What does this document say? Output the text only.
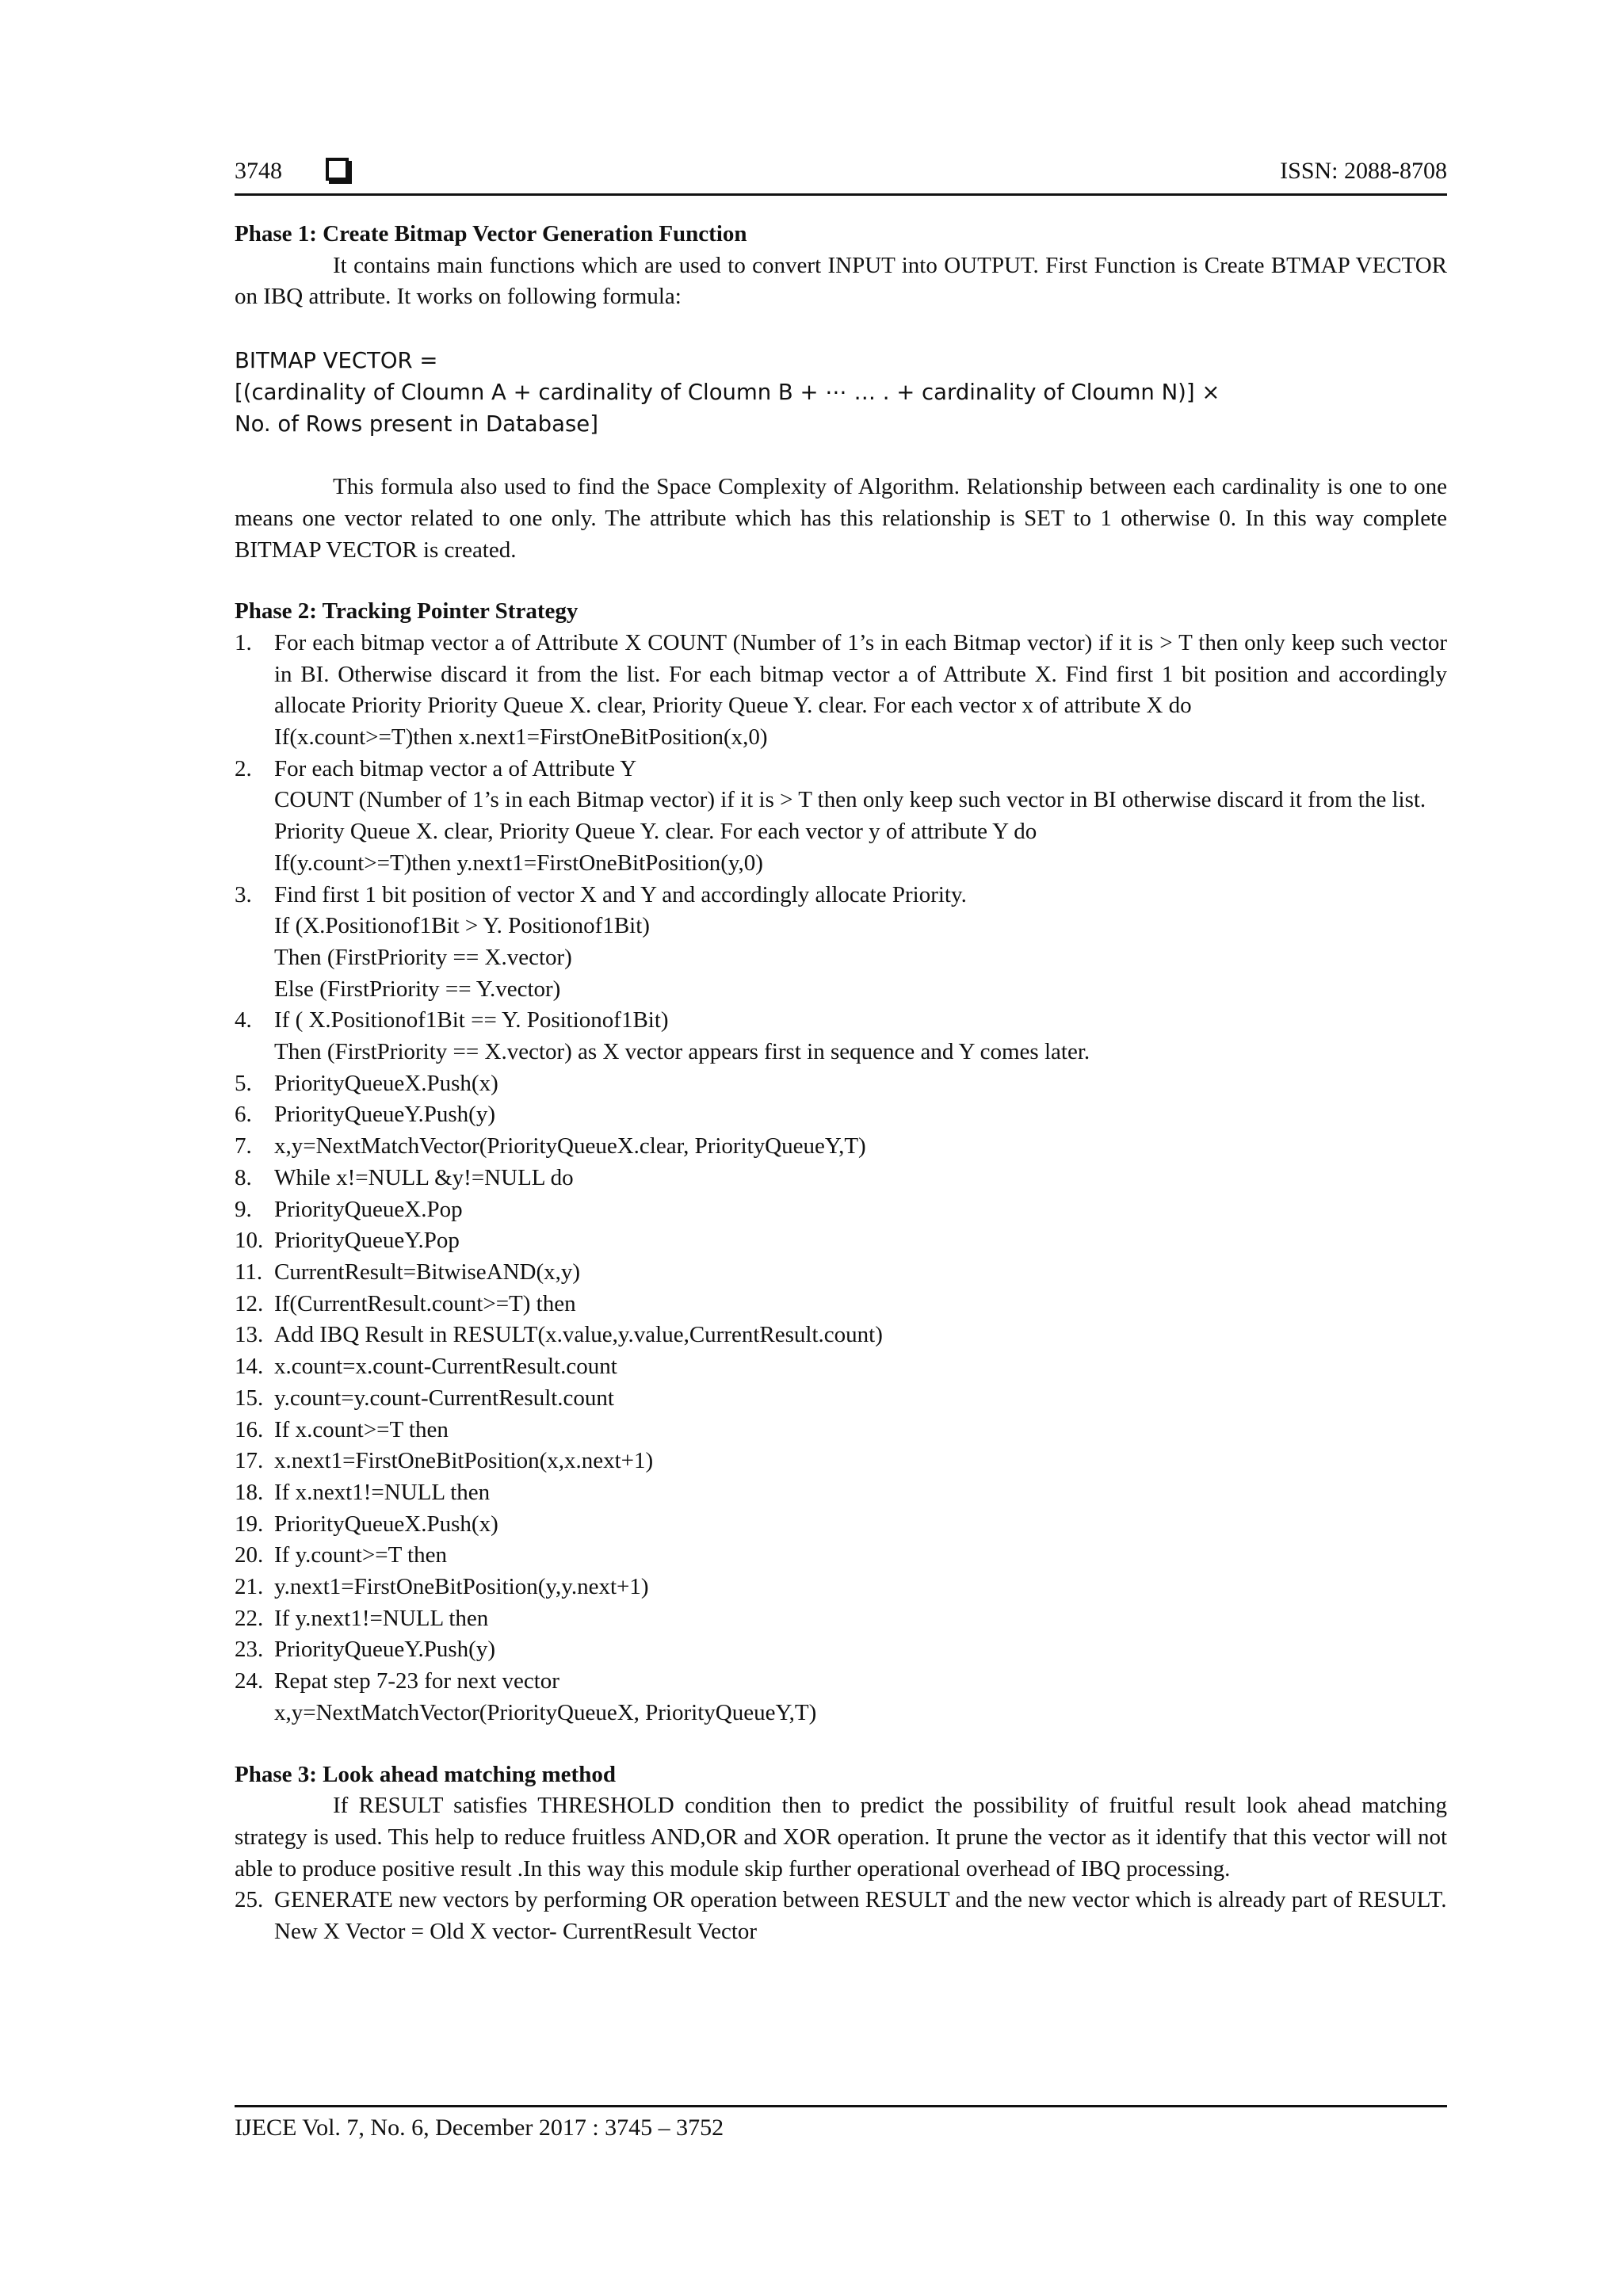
3748	ISSN: 2088-8708

Phase 1: Create Bitmap Vector Generation Function

It contains main functions which are used to convert INPUT into OUTPUT. First Function is Create BTMAP VECTOR on IBQ attribute. It works on following formula:

BITMAP VECTOR =

[(cardinality of Cloumn A + cardinality of Cloumn B + ⋯ … . + cardinality of Cloumn N)] ×

No. of Rows present in Database]

This formula also used to find the Space Complexity of Algorithm. Relationship between each cardinality is one to one means one vector related to one only. The attribute which has this relationship is SET to 1 otherwise 0. In this way complete BITMAP VECTOR is created.

Phase 2: Tracking Pointer Strategy

1. For each bitmap vector a of Attribute X COUNT (Number of 1’s in each Bitmap vector) if it is > T then only keep such vector in BI. Otherwise discard it from the list. For each bitmap vector a of Attribute X. Find first 1 bit position and accordingly allocate Priority Priority Queue X. clear, Priority Queue Y. clear. For each vector x of attribute X do
If(x.count>=T)then x.next1=FirstOneBitPosition(x,0)
2. For each bitmap vector a of Attribute Y
COUNT (Number of 1’s in each Bitmap vector) if it is > T then only keep such vector in BI otherwise discard it from the list.
Priority Queue X. clear, Priority Queue Y. clear. For each vector y of attribute Y do
If(y.count>=T)then y.next1=FirstOneBitPosition(y,0)
3. Find first 1 bit position of vector X and Y and accordingly allocate Priority.
If (X.Positionof1Bit > Y. Positionof1Bit)
Then (FirstPriority == X.vector)
Else (FirstPriority == Y.vector)
4. If ( X.Positionof1Bit == Y. Positionof1Bit)
Then (FirstPriority == X.vector) as X vector appears first in sequence and Y comes later.
5. PriorityQueueX.Push(x)
6. PriorityQueueY.Push(y)
7. x,y=NextMatchVector(PriorityQueueX.clear, PriorityQueueY,T)
8. While x!=NULL &y!=NULL do
9. PriorityQueueX.Pop
10. PriorityQueueY.Pop
11. CurrentResult=BitwiseAND(x,y)
12. If(CurrentResult.count>=T) then
13. Add IBQ Result in RESULT(x.value,y.value,CurrentResult.count)
14. x.count=x.count-CurrentResult.count
15. y.count=y.count-CurrentResult.count
16. If x.count>=T then
17. x.next1=FirstOneBitPosition(x,x.next+1)
18. If x.next1!=NULL then
19. PriorityQueueX.Push(x)
20. If y.count>=T then
21. y.next1=FirstOneBitPosition(y,y.next+1)
22. If y.next1!=NULL then
23. PriorityQueueY.Push(y)
24. Repat step 7-23 for next vector
x,y=NextMatchVector(PriorityQueueX, PriorityQueueY,T)

Phase 3: Look ahead matching method

If RESULT satisfies THRESHOLD condition then to predict the possibility of fruitful result look ahead matching strategy is used. This help to reduce fruitless AND,OR and XOR operation. It prune the vector as it identify that this vector will not able to produce positive result .In this way this module skip further operational overhead of IBQ processing.

25. GENERATE new vectors by performing OR operation between RESULT and the new vector which is already part of RESULT.

New X Vector = Old X vector- CurrentResult Vector

IJECE Vol. 7, No. 6, December 2017 : 3745 – 3752
